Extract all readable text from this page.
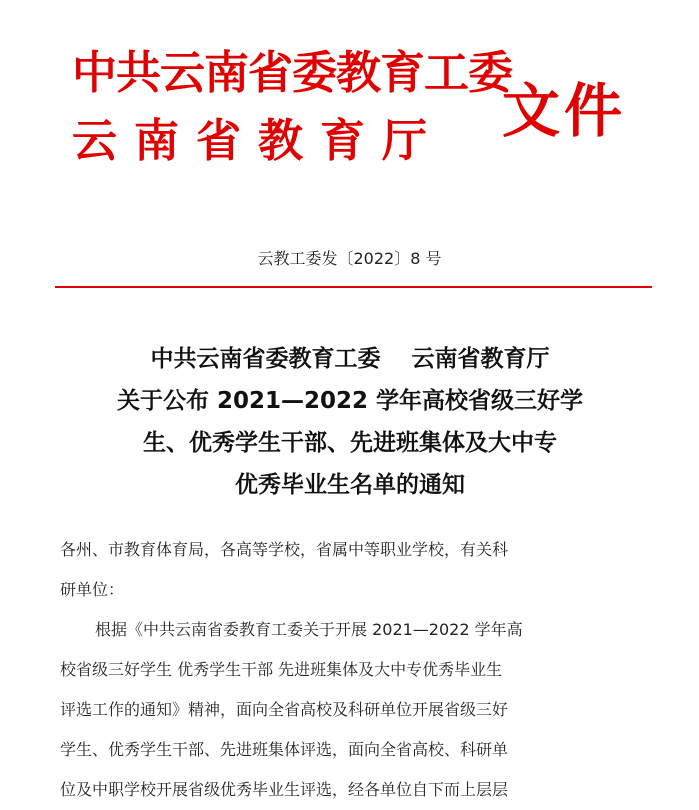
中共云南省委教育工委
云南省教育厅 文件
云教工委发〔2022〕8 号
中共云南省委教育工委　 云南省教育厅
关于公布 2021—2022 学年高校省级三好学
生、优秀学生干部、先进班集体及大中专
优秀毕业生名单的通知
各州、市教育体育局，各高等学校，省属中等职业学校，有关科
研单位：
根据《中共云南省委教育工委关于开展 2021—2022 学年高
校省级三好学生 优秀学生干部 先进班集体及大中专优秀毕业生
评选工作的通知》精神，面向全省高校及科研单位开展省级三好
学生、优秀学生干部、先进班集体评选，面向全省高校、科研单
位及中职学校开展省级优秀毕业生评选，经各单位自下而上层层
